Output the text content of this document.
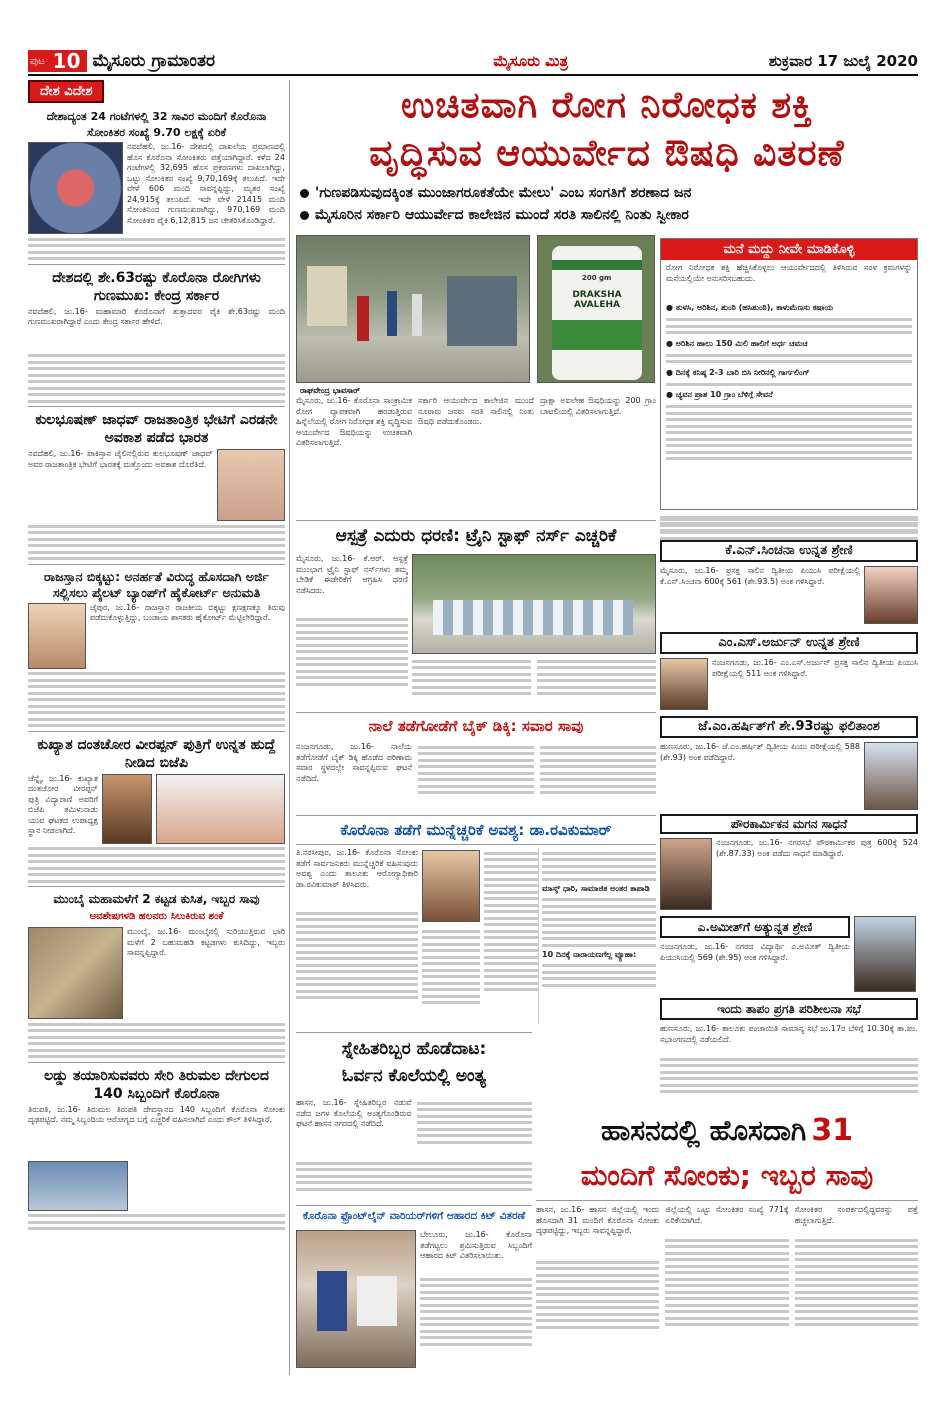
ಪುಟ 10 ಮೈಸೂರು ಗ್ರಾಮಾಂತರ	ಮೈಸೂರು ಮಿತ್ರ	ಶುಕ್ರವಾರ 17 ಜುಲೈ 2020
ದೇಶ ವಿದೇಶ
ದೇಶಾದ್ಯಂತ 24 ಗಂಟೆಗಳಲ್ಲಿ 32 ಸಾವಿರ ಮಂದಿಗೆ ಕೊರೊನಾ
ಸೋಂಕಿತರ ಸಂಖ್ಯೆ 9.70 ಲಕ್ಷಕ್ಕೆ ಏರಿಕೆ
ನವದೆಹಲಿ, ಜು.16- ದೇಶದಲ್ಲಿ ದಾಖಲೆಯ ಪ್ರಮಾಣದಲ್ಲಿ ಹೊಸ ಕೊರೊನಾ ಸೋಂಕಿತರು ಪತ್ತೆಯಾಗಿದ್ದಾರೆ. ಕಳೆದ 24 ಗಂಟೆಗಳಲ್ಲಿ 32,695 ಹೊಸ ಪ್ರಕರಣಗಳು ದಾಖಲಾಗಿದ್ದು, ಒಟ್ಟು ಸೋಂಕಿತರ ಸಂಖ್ಯೆ 9,70,169ಕ್ಕೆ ತಲುಪಿದೆ. ಇದೇ ವೇಳೆ 606 ಮಂದಿ ಸಾವನ್ನಪ್ಪಿದ್ದು, ಮೃತರ ಸಂಖ್ಯೆ 24,915ಕ್ಕೆ ತಲುಪಿದೆ. ಇದೇ ವೇಳೆ 21415 ಮಂದಿ ಸೋಂಕಿನಿಂದ ಗುಣಮುಖರಾಗಿದ್ದು, 970,169 ಮಂದಿ ಸೋಂಕಿತರ ಪೈಕಿ 6,12,815 ಜನ ಚೇತರಿಸಿಕೊಂಡಿದ್ದಾರೆ.
ದೇಶದಲ್ಲಿ ಶೇ.63ರಷ್ಟು ಕೊರೊನಾ ರೋಗಿಗಳು ಗುಣಮುಖ: ಕೇಂದ್ರ ಸರ್ಕಾರ
ನವದೆಹಲಿ, ಜು.16- ಮಹಾಮಾರಿ ಕೊರೊನಾಗೆ ತುತ್ತಾದವರ ಪೈಕಿ ಶೇ.63ರಷ್ಟು ಮಂದಿ ಗುಣಮುಖರಾಗಿದ್ದಾರೆ ಎಂದು ಕೇಂದ್ರ ಸರ್ಕಾರ ಹೇಳಿದೆ.
ಕುಲಭೂಷಣ್ ಜಾಧವ್ ರಾಜತಾಂತ್ರಿಕ ಭೇಟಿಗೆ ಎರಡನೇ ಅವಕಾಶ ಪಡೆದ ಭಾರತ
ನವದೆಹಲಿ, ಜು.16- ಪಾಕಿಸ್ತಾನ ಜೈಲಿನಲ್ಲಿರುವ ಕುಲಭೂಷಣ್ ಜಾಧವ್ ಅವರ ರಾಜತಾಂತ್ರಿಕ ಭೇಟಿಗೆ ಭಾರತಕ್ಕೆ ಮತ್ತೊಂದು ಅವಕಾಶ ದೊರೆತಿದೆ.
ರಾಜಸ್ತಾನ ಬಿಕ್ಕಟ್ಟು: ಅನರ್ಹತೆ ವಿರುದ್ಧ ಹೊಸದಾಗಿ ಅರ್ಜಿ ಸಲ್ಲಿಸಲು ಪೈಲಟ್ ಬ್ಯಾಂಪ್‌ಗೆ ಹೈಕೋರ್ಟ್ ಅನುಮತಿ
ಜೈಪುರ, ಜು.16- ರಾಜಸ್ತಾನ ರಾಜಕೀಯ ಬಿಕ್ಕಟ್ಟು ಕ್ಷಣಕ್ಷಣಕ್ಕೂ ತಿರುವು ಪಡೆದುಕೊಳ್ಳುತ್ತಿದ್ದು, ಬಂಡಾಯ ಶಾಸಕರು ಹೈಕೋರ್ಟ್ ಮೆಟ್ಟಿಲೇರಿದ್ದಾರೆ.
ಕುಖ್ಯಾತ ದಂತಚೋರ ವೀರಪ್ಪನ್ ಪುತ್ರಿಗೆ ಉನ್ನತ ಹುದ್ದೆ ನೀಡಿದ ಬಿಜೆಪಿ
ಚೆನ್ನೈ, ಜು.16- ಕುಖ್ಯಾತ ದಂತಚೋರ ವೀರಪ್ಪನ್ ಪುತ್ರಿ ವಿದ್ಯಾರಾಣಿ ಅವರಿಗೆ ಬಿಜೆಪಿ ತಮಿಳುನಾಡು ಯುವ ಘಟಕದ ಉಪಾಧ್ಯಕ್ಷ ಸ್ಥಾನ ನೀಡಲಾಗಿದೆ.
ಮುಂಬೈ ಮಹಾಮಳೆಗೆ 2 ಕಟ್ಟಡ ಕುಸಿತ, ಇಬ್ಬರ ಸಾವು
ಅವಶೇಷಗಳಡಿ ಹಲವರು ಸಿಲುಕಿರುವ ಶಂಕೆ
ಮುಂಬೈ, ಜು.16- ಮುಂಬೈನಲ್ಲಿ ಸುರಿಯುತ್ತಿರುವ ಭಾರಿ ಮಳೆಗೆ 2 ಬಹುಮಹಡಿ ಕಟ್ಟಡಗಳು ಕುಸಿದಿದ್ದು, ಇಬ್ಬರು ಸಾವನ್ನಪ್ಪಿದ್ದಾರೆ.
ಲಡ್ಡು ತಯಾರಿಸುವವರು ಸೇರಿ ತಿರುಮಲ ದೇಗುಲದ 140 ಸಿಬ್ಬಂದಿಗೆ ಕೊರೊನಾ
ತಿರುಪತಿ, ಜು.16- ತಿರುಮಲ ತಿರುಪತಿ ದೇವಸ್ಥಾನದ 140 ಸಿಬ್ಬಂದಿಗೆ ಕೊರೊನಾ ಸೋಂಕು ದೃಢಪಟ್ಟಿದೆ. ನಮ್ಮ ಸಿಬ್ಬಂದಿಯ ಆರೋಗ್ಯದ ಬಗ್ಗೆ ಎಚ್ಚರಿಕೆ ವಹಿಸಲಾಗಿದೆ ಎಂದು ಕೌಲ್ ತಿಳಿಸಿದ್ದಾರೆ.
ಉಚಿತವಾಗಿ ರೋಗ ನಿರೋಧಕ ಶಕ್ತಿ
ವೃದ್ಧಿಸುವ ಆಯುರ್ವೇದ ಔಷಧಿ ವಿತರಣೆ
'ಗುಣಪಡಿಸುವುದಕ್ಕಿಂತ ಮುಂಜಾಗರೂಕತೆಯೇ ಮೇಲು' ಎಂಬ ಸಂಗತಿಗೆ ಶರಣಾದ ಜನ
ಮೈಸೂರಿನ ಸರ್ಕಾರಿ ಆಯುರ್ವೇದ ಕಾಲೇಜಿನ ಮುಂದೆ ಸರತಿ ಸಾಲಿನಲ್ಲಿ ನಿಂತು ಸ್ವೀಕಾರ
200 gm
DRAKSHA AVALEHA
ರಾಘವೇಂದ್ರ ಭಾವಸಾರ್
ಮೈಸೂರು, ಜು.16- ಕೊರೊನಾ ಸಾಂಕ್ರಾಮಿಕ ರೋಗ ವ್ಯಾಪಕವಾಗಿ ಹರಡುತ್ತಿರುವ ಹಿನ್ನೆಲೆಯಲ್ಲಿ ರೋಗ ನಿರೋಧಕ ಶಕ್ತಿ ವೃದ್ಧಿಸುವ ಆಯುರ್ವೇದ ಔಷಧಿಯನ್ನು ಉಚಿತವಾಗಿ ವಿತರಿಸಲಾಗುತ್ತಿದೆ.
ಸರ್ಕಾರಿ ಆಯುರ್ವೇದ ಕಾಲೇಜಿನ ಮುಂದೆ ನೂರಾರು ಜನರು ಸರತಿ ಸಾಲಿನಲ್ಲಿ ನಿಂತು ಔಷಧಿ ಪಡೆದುಕೊಂಡರು.
ದ್ರಾಕ್ಷಾ ಅವಲೇಹ ಔಷಧಿಯನ್ನು 200 ಗ್ರಾಂ ಬಾಟಲಿಯಲ್ಲಿ ವಿತರಿಸಲಾಗುತ್ತಿದೆ.
ಮನೆ ಮದ್ದು ನೀವೇ ಮಾಡಿಕೊಳ್ಳಿ
ರೋಗ ನಿರೋಧಕ ಶಕ್ತಿ ಹೆಚ್ಚಿಸಿಕೊಳ್ಳಲು ಆಯುರ್ವೇದದಲ್ಲಿ ತಿಳಿಸಿರುವ ಸರಳ ಕ್ರಮಗಳನ್ನು ಮನೆಯಲ್ಲಿಯೇ ಅನುಸರಿಸಬಹುದು.
● ತುಳಸಿ, ಅರಿಶಿನ, ಶುಂಠಿ (ಹಸಿಶುಂಠಿ), ಕಾಳುಮೆಣಸು ಕಷಾಯ
● ಅರಿಶಿನ ಹಾಲು 150 ಮಿಲಿ ಹಾಲಿಗೆ ಅರ್ಧ ಚಮಚ
● ದಿನಕ್ಕೆ ಕನಿಷ್ಠ 2-3 ಬಾರಿ ಬಿಸಿ ನೀರಿನಲ್ಲಿ ಗಾರ್ಗಲಿಂಗ್
● ಚ್ಯವನ ಪ್ರಾಶ 10 ಗ್ರಾಂ ಬೆಳಿಗ್ಗೆ ಸೇವನೆ
ಆಸ್ಪತ್ರೆ ಎದುರು ಧರಣಿ: ಟ್ರೈನಿ ಸ್ಟಾಫ್ ನರ್ಸ್ ಎಚ್ಚರಿಕೆ
ಮೈಸೂರು, ಜು.16- ಕೆ.ಆರ್. ಆಸ್ಪತ್ರೆ ಮುಂಭಾಗ ಟ್ರೈನಿ ಸ್ಟಾಫ್ ನರ್ಸ್‌ಗಳು ತಮ್ಮ ಬೇಡಿಕೆ ಈಡೇರಿಕೆಗೆ ಆಗ್ರಹಿಸಿ ಧರಣಿ ನಡೆಸಿದರು.
ನಾಲೆ ತಡೆಗೋಡೆಗೆ ಬೈಕ್ ಡಿಕ್ಕಿ: ಸವಾರ ಸಾವು
ನಂಜನಗೂಡು, ಜು.16- ನಾಲೆಯ ತಡೆಗೋಡೆಗೆ ಬೈಕ್ ಡಿಕ್ಕಿ ಹೊಡೆದ ಪರಿಣಾಮ ಸವಾರ ಸ್ಥಳದಲ್ಲೇ ಸಾವನ್ನಪ್ಪಿರುವ ಘಟನೆ ನಡೆದಿದೆ.
ಕೊರೊನಾ ತಡೆಗೆ ಮುನ್ನೆಚ್ಚರಿಕೆ ಅವಶ್ಯ: ಡಾ.ರವಿಕುಮಾರ್
ತಿ.ನರಸೀಪುರ, ಜು.16- ಕೊರೊನಾ ಸೋಂಕು ತಡೆಗೆ ಸಾರ್ವಜನಿಕರು ಮುನ್ನೆಚ್ಚರಿಕೆ ವಹಿಸುವುದು ಅವಶ್ಯ ಎಂದು ತಾಲೂಕು ಆರೋಗ್ಯಾಧಿಕಾರಿ ಡಾ.ರವಿಕುಮಾರ್ ತಿಳಿಸಿದರು.	ಮಾಸ್ಕ್ ಧಾರಿ, ಸಾಮಾಜಿಕ ಅಂತರ ಕಾಪಾಡಿ
10 ದಿನಕ್ಕೆ ನಾರಾಯಣಗೆಲ್ಲ ವ್ಯೂಹಾ:
ಸ್ನೇಹಿತರಿಬ್ಬರ ಹೊಡೆದಾಟ:
ಓರ್ವನ ಕೊಲೆಯಲ್ಲಿ ಅಂತ್ಯ
ಹಾಸನ, ಜು.16- ಸ್ನೇಹಿತರಿಬ್ಬರ ನಡುವೆ ನಡೆದ ಜಗಳ ಕೊಲೆಯಲ್ಲಿ ಅಂತ್ಯಗೊಂಡಿರುವ ಘಟನೆ ಹಾಸನ ನಗರದಲ್ಲಿ ನಡೆದಿದೆ.
ಕೊರೊನಾ ಫ್ರೊಂಟ್‌ಲೈನ್ ವಾರಿಯರ್‌ಗಳಿಗೆ ಆಹಾರದ ಕಿಟ್ ವಿತರಣೆ
ಬೇಲೂರು, ಜು.16- ಕೊರೊನಾ ತಡೆಗಟ್ಟಲು ಶ್ರಮಿಸುತ್ತಿರುವ ಸಿಬ್ಬಂದಿಗೆ ಆಹಾರದ ಕಿಟ್ ವಿತರಿಸಲಾಯಿತು.
ಹಾಸನದಲ್ಲಿ ಹೊಸದಾಗಿ 31
ಮಂದಿಗೆ ಸೋಂಕು; ಇಬ್ಬರ ಸಾವು
ಹಾಸನ, ಜು.16- ಹಾಸನ ಜಿಲ್ಲೆಯಲ್ಲಿ ಇಂದು ಹೊಸದಾಗಿ 31 ಮಂದಿಗೆ ಕೊರೊನಾ ಸೋಂಕು ದೃಢಪಟ್ಟಿದ್ದು, ಇಬ್ಬರು ಸಾವನ್ನಪ್ಪಿದ್ದಾರೆ.
ಜಿಲ್ಲೆಯಲ್ಲಿ ಒಟ್ಟು ಸೋಂಕಿತರ ಸಂಖ್ಯೆ 771ಕ್ಕೆ ಏರಿಕೆಯಾಗಿದೆ.
ಸೋಂಕಿತರ ಸಂಪರ್ಕದಲ್ಲಿದ್ದವರನ್ನು ಪತ್ತೆ ಹಚ್ಚಲಾಗುತ್ತಿದೆ.
ಕೆ.ಎನ್.ಸಿಂಚನಾ ಉನ್ನತ ಶ್ರೇಣಿ
ಮೈಸೂರು, ಜು.16- ಪ್ರಸಕ್ತ ಸಾಲಿನ ದ್ವಿತೀಯ ಪಿಯುಸಿ ಪರೀಕ್ಷೆಯಲ್ಲಿ ಕೆ.ಎನ್.ಸಿಂಚನಾ 600ಕ್ಕೆ 561 (ಶೇ.93.5) ಅಂಕ ಗಳಿಸಿದ್ದಾರೆ.
ಎಂ.ಎಸ್.ಅರ್ಜುನ್ ಉನ್ನತ ಶ್ರೇಣಿ
ನಂಜನಗೂಡು, ಜು.16- ಎಂ.ಎಸ್.ಅರ್ಜುನ್ ಪ್ರಸಕ್ತ ಸಾಲಿನ ದ್ವಿತೀಯ ಪಿಯುಸಿ ಪರೀಕ್ಷೆಯಲ್ಲಿ 511 ಅಂಕ ಗಳಿಸಿದ್ದಾರೆ.
ಜೆ.ಎಂ.ಹರ್ಷಿತ್‌ಗೆ ಶೇ.93ರಷ್ಟು ಫಲಿತಾಂಶ
ಹುಣಸೂರು, ಜು.16- ಜೆ.ಎಂ.ಹರ್ಷಿತ್ ದ್ವಿತೀಯ ಪಿಯು ಪರೀಕ್ಷೆಯಲ್ಲಿ 588 (ಶೇ.93) ಅಂಕ ಪಡೆದಿದ್ದಾರೆ.
ಪೌರಕಾರ್ಮಿಕನ ಮಗನ ಸಾಧನೆ
ನಂಜನಗೂಡು, ಜು.16- ನಗರಸಭೆ ಪೌರಕಾರ್ಮಿಕರ ಪುತ್ರ 600ಕ್ಕೆ 524 (ಶೇ.87.33) ಅಂಕ ಪಡೆದು ಸಾಧನೆ ಮಾಡಿದ್ದಾರೆ.
ಎ.ಅಮೀತ್‌ಗೆ ಅತ್ಯುನ್ನತ ಶ್ರೇಣಿ
ನಂಜನಗೂಡು, ಜು.16- ನಗರದ ವಿದ್ಯಾರ್ಥಿ ಎ.ಅಮೀತ್ ದ್ವಿತೀಯ ಪಿಯುಸಿಯಲ್ಲಿ 569 (ಶೇ.95) ಅಂಕ ಗಳಿಸಿದ್ದಾರೆ.
ಇಂದು ತಾಪಂ ಪ್ರಗತಿ ಪರಿಶೀಲನಾ ಸಭೆ
ಹುಣಸೂರು, ಜು.16- ತಾಲೂಕು ಪಂಚಾಯಿತಿ ಸಾಮಾನ್ಯ ಸಭೆ ಜು.17ರ ಬೆಳಿಗ್ಗೆ 10.30ಕ್ಕೆ ತಾ.ಪಂ. ಸಭಾಂಗಣದಲ್ಲಿ ನಡೆಯಲಿದೆ.
